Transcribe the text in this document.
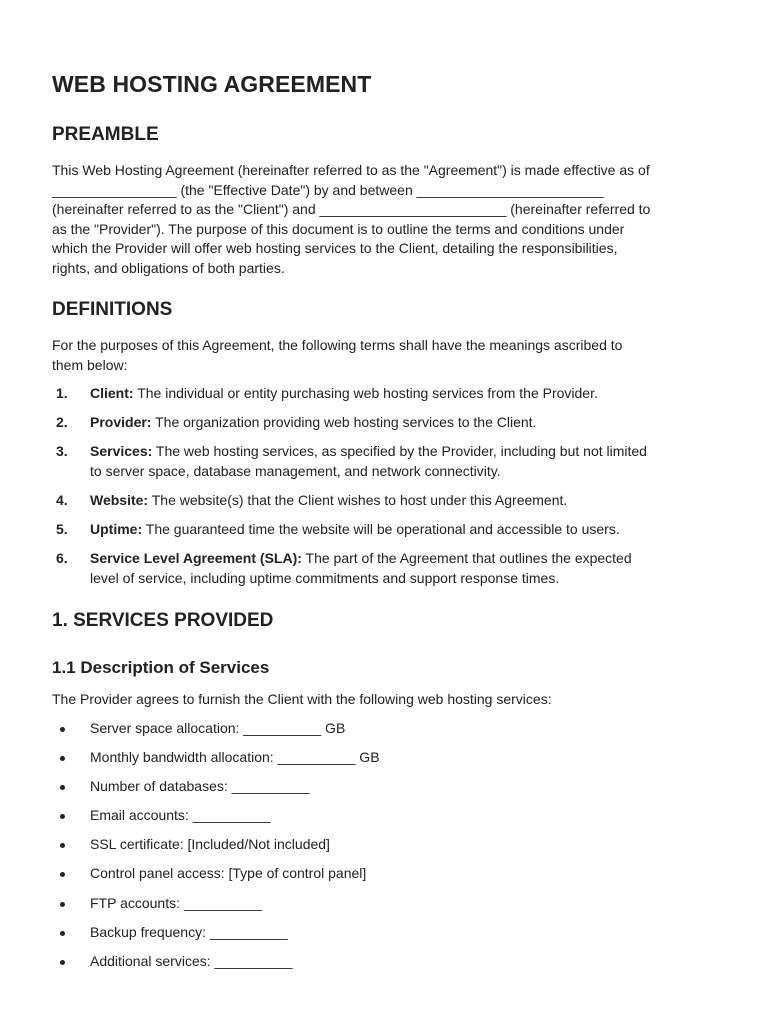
WEB HOSTING AGREEMENT
PREAMBLE
This Web Hosting Agreement (hereinafter referred to as the "Agreement") is made effective as of
________________ (the "Effective Date") by and between ________________________
(hereinafter referred to as the "Client") and ________________________ (hereinafter referred to
as the "Provider"). The purpose of this document is to outline the terms and conditions under
which the Provider will offer web hosting services to the Client, detailing the responsibilities,
rights, and obligations of both parties.
DEFINITIONS
For the purposes of this Agreement, the following terms shall have the meanings ascribed to
them below:
1. Client: The individual or entity purchasing web hosting services from the Provider.
2. Provider: The organization providing web hosting services to the Client.
3. Services: The web hosting services, as specified by the Provider, including but not limited
to server space, database management, and network connectivity.
4. Website: The website(s) that the Client wishes to host under this Agreement.
5. Uptime: The guaranteed time the website will be operational and accessible to users.
6. Service Level Agreement (SLA): The part of the Agreement that outlines the expected
level of service, including uptime commitments and support response times.
1. SERVICES PROVIDED
1.1 Description of Services
The Provider agrees to furnish the Client with the following web hosting services:
Server space allocation: __________ GB
Monthly bandwidth allocation: __________ GB
Number of databases: __________
Email accounts: __________
SSL certificate: [Included/Not included]
Control panel access: [Type of control panel]
FTP accounts: __________
Backup frequency: __________
Additional services: __________
